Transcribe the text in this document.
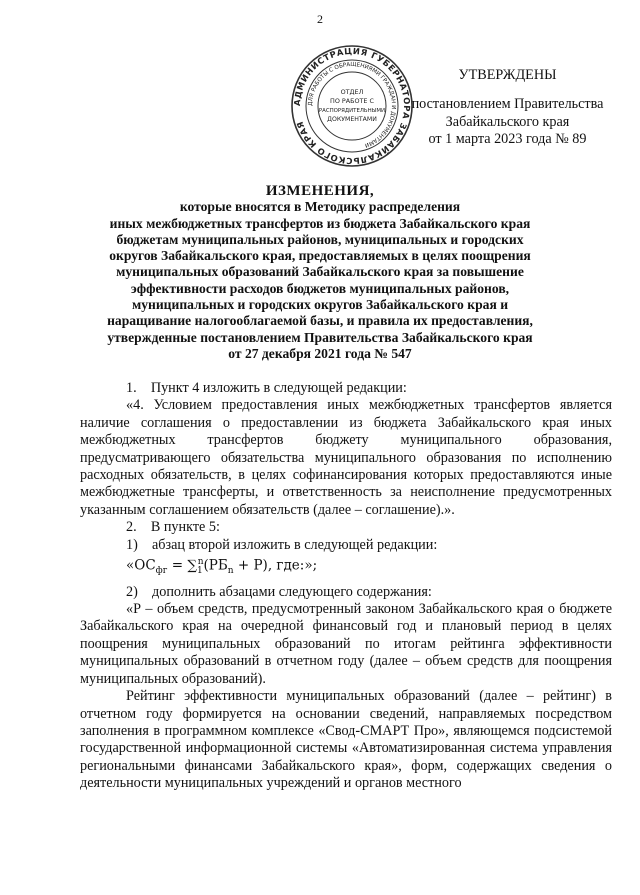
2
АДМИНИСТРАЦИЯ ГУБЕРНАТОРА ЗАБАЙКАЛЬСКОГО КРАЯ
ДЛЯ РАБОТЫ С ОБРАЩЕНИЯМИ ГРАЖДАН И ДОКУМЕНТАМИ
ОТДЕЛ
ПО РАБОТЕ С
РАСПОРЯДИТЕЛЬНЫМИ
ДОКУМЕНТАМИ
УТВЕРЖДЕНЫ
постановлением Правительства
Забайкальского края
от 1 марта 2023 года № 89
ИЗМЕНЕНИЯ,
которые вносятся в Методику распределения
иных межбюджетных трансфертов из бюджета Забайкальского края
бюджетам муниципальных районов, муниципальных и городских
округов Забайкальского края, предоставляемых в целях поощрения
муниципальных образований Забайкальского края за повышение
эффективности расходов бюджетов муниципальных районов,
муниципальных и городских округов Забайкальского края и
наращивание налогооблагаемой базы, и правила их предоставления,
утвержденные постановлением Правительства Забайкальского края
от 27 декабря 2021 года № 547

1.    Пункт 4 изложить в следующей редакции:

«4. Условием предоставления иных межбюджетных трансфертов является наличие соглашения о предоставлении из бюджета Забайкальского края иных межбюджетных трансфертов бюджету муниципального образования, предусматривающего обязательства муниципального образования по исполнению расходных обязательств, в целях софинансирования которых предоставляются иные межбюджетные трансферты, и ответственность за неисполнение предусмотренных указанным соглашением обязательств (далее – соглашение).».

2.    В пункте 5:

1)    абзац второй изложить в следующей редакции:

«$ОС_{фг} = \sum_1^n(РБ_n + Р)$, где:»;

2)    дополнить абзацами следующего содержания:

«Р – объем средств, предусмотренный законом Забайкальского края о бюджете Забайкальского края на очередной финансовый год и плановый период в целях поощрения муниципальных образований по итогам рейтинга эффективности муниципальных образований в отчетном году (далее – объем средств для поощрения муниципальных образований).

Рейтинг эффективности муниципальных образований (далее – рейтинг) в отчетном году формируется на основании сведений, направляемых посредством заполнения в программном комплексе «Свод-СМАРТ Про», являющемся подсистемой государственной информационной системы «Автоматизированная система управления региональными финансами Забайкальского края», форм, содержащих сведения о деятельности муниципальных учреждений и органов местного
